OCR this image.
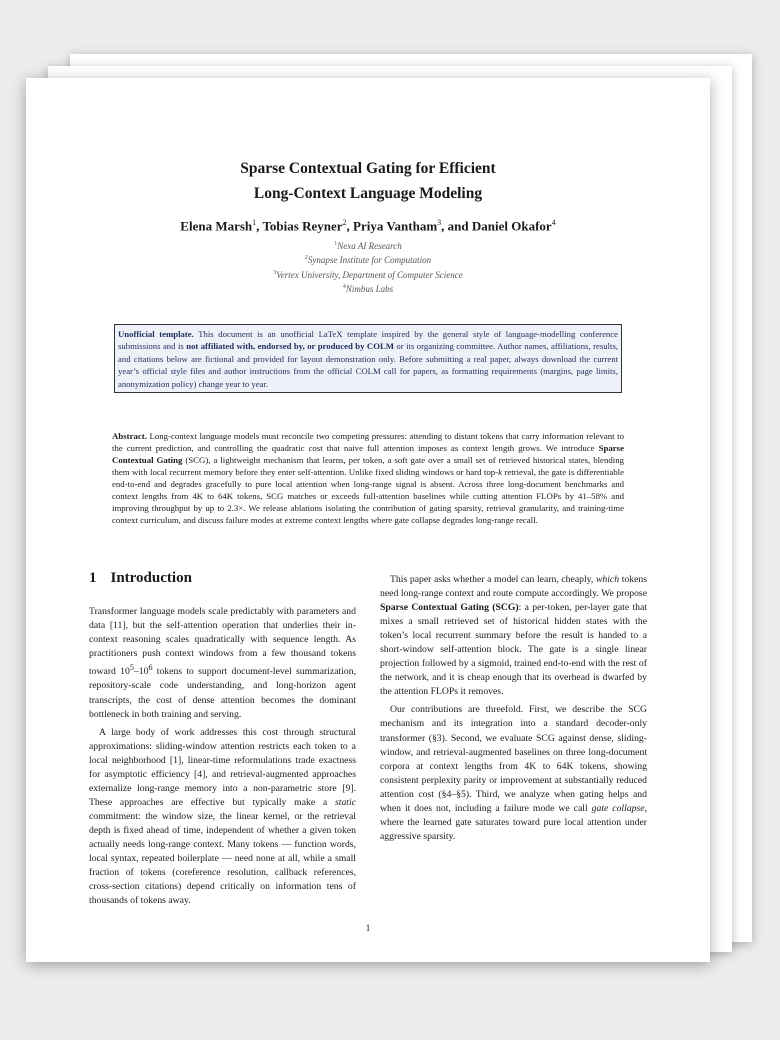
Sparse Contextual Gating for Efficient
Long-Context Language Modeling
Elena Marsh$^1$, Tobias Reyner$^2$, Priya Vantham$^3$, and Daniel Okafor$^4$
$^1$Nexa AI Research
$^2$Synapse Institute for Computation
$^3$Vertex University, Department of Computer Science
$^4$Nimbus Labs
Unofficial template. This document is an unofficial LaTeX template inspired by the general style of language-modelling conference submissions and is not affiliated with, endorsed by, or produced by COLM or its organizing committee. Author names, affiliations, results, and citations below are fictional and provided for layout demonstration only. Before submitting a real paper, always download the current year’s official style files and author instructions from the official COLM call for papers, as formatting requirements (margins, page limits, anonymization policy) change year to year.
Abstract. Long-context language models must reconcile two competing pressures: attending to distant tokens that carry information relevant to the current prediction, and controlling the quadratic cost that naive full attention imposes as context length grows. We introduce Sparse Contextual Gating (SCG), a lightweight mechanism that learns, per token, a soft gate over a small set of retrieved historical states, blending them with local recurrent memory before they enter self-attention. Unlike fixed sliding windows or hard top-k retrieval, the gate is differentiable end-to-end and degrades gracefully to pure local attention when long-range signal is absent. Across three long-document benchmarks and context lengths from 4K to 64K tokens, SCG matches or exceeds full-attention baselines while cutting attention FLOPs by 41–58% and improving throughput by up to 2.3×. We release ablations isolating the contribution of gating sparsity, retrieval granularity, and training-time context curriculum, and discuss failure modes at extreme context lengths where gate collapse degrades long-range recall.
1 Introduction

Transformer language models scale predictably with parameters and data [11], but the self-attention operation that underlies their in-context reasoning scales quadratically with sequence length. As practitioners push context windows from a few thousand tokens toward $10^5-10^6$ tokens to support document-level summarization, repository-scale code understanding, and long-horizon agent transcripts, the cost of dense attention becomes the dominant bottleneck in both training and serving.

A large body of work addresses this cost through structural approximations: sliding-window attention restricts each token to a local neighborhood [1], linear-time reformulations trade exactness for asymptotic efficiency [4], and retrieval-augmented approaches externalize long-range memory into a non-parametric store [9]. These approaches are effective but typically make a static commitment: the window size, the linear kernel, or the retrieval depth is fixed ahead of time, independent of whether a given token actually needs long-range context. Many tokens — function words, local syntax, repeated boilerplate — need none at all, while a small fraction of tokens (coreference resolution, callback references, cross-section citations) depend critically on information tens of thousands of tokens away.

This paper asks whether a model can learn, cheaply, which tokens need long-range context and route compute accordingly. We propose Sparse Contextual Gating (SCG): a per-token, per-layer gate that mixes a small retrieved set of historical hidden states with the token’s local recurrent summary before the result is handed to a short-window self-attention block. The gate is a single linear projection followed by a sigmoid, trained end-to-end with the rest of the network, and it is cheap enough that its overhead is dwarfed by the attention FLOPs it removes.

Our contributions are threefold. First, we describe the SCG mechanism and its integration into a standard decoder-only transformer (§3). Second, we evaluate SCG against dense, sliding-window, and retrieval-augmented baselines on three long-document corpora at context lengths from 4K to 64K tokens, showing consistent perplexity parity or improvement at substantially reduced attention cost (§4–§5). Third, we analyze when gating helps and when it does not, including a failure mode we call gate collapse, where the learned gate saturates toward pure local attention under aggressive sparsity.

1
